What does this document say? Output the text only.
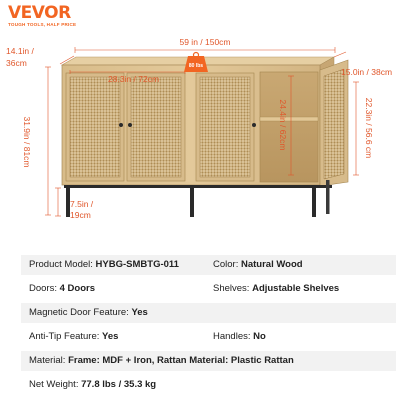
VEVOR
TOUGH TOOLS, HALF PRICE
80 lbs
59 in / 150cm
14.1in /
36cm
15.0in / 38cm
28.3in / 72cm
31.9in / 81cm	24.4in / 62cm	22.3in / 56.6 cm
7.5in /
19cm
Product Model: HYBG-SMBTG-011	Color: Natural Wood
Doors: 4 Doors	Shelves: Adjustable Shelves
Magnetic Door Feature: Yes
Anti-Tip Feature: Yes	Handles: No
Material: Frame: MDF + Iron, Rattan Material: Plastic Rattan
Net Weight: 77.8 lbs / 35.3 kg
